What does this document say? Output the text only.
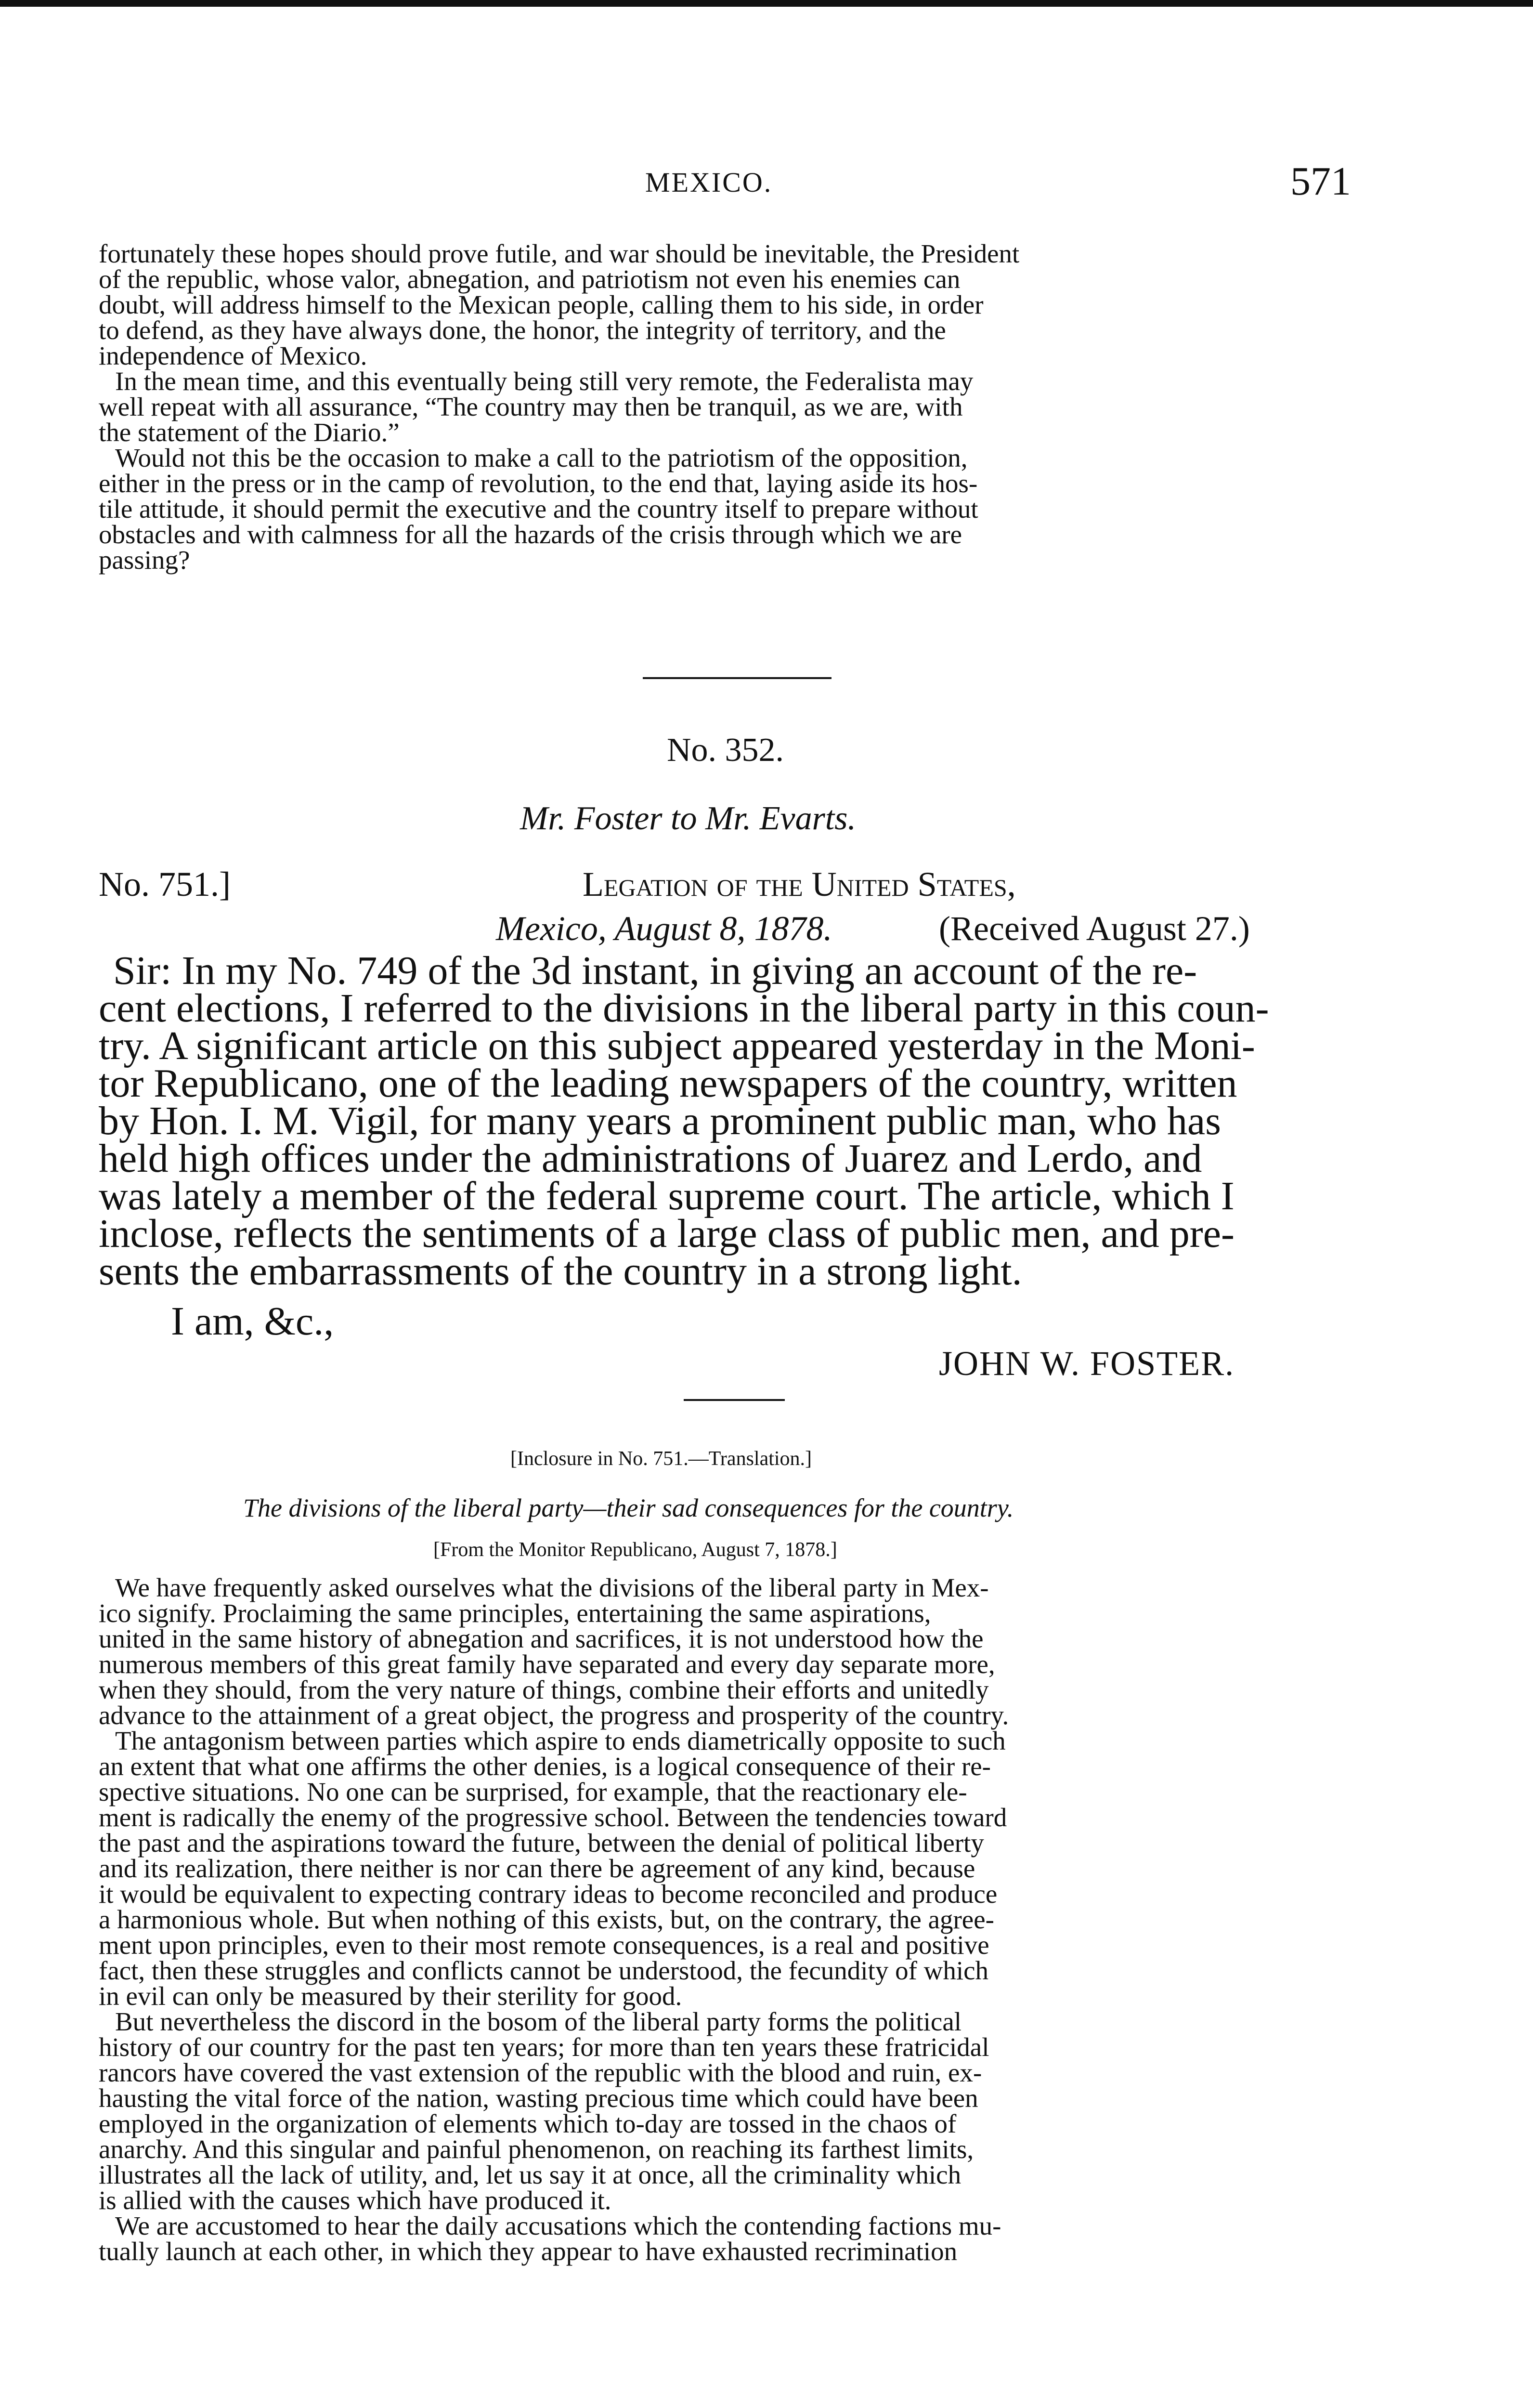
MEXICO.	571
fortunately these hopes should prove futile, and war should be inevitable, the President
of the republic, whose valor, abnegation, and patriotism not even his enemies can
doubt, will address himself to the Mexican people, calling them to his side, in order
to defend, as they have always done, the honor, the integrity of territory, and the
independence of Mexico.
In the mean time, and this eventually being still very remote, the Federalista may
well repeat with all assurance, “The country may then be tranquil, as we are, with
the statement of the Diario.”
Would not this be the occasion to make a call to the patriotism of the opposition,
either in the press or in the camp of revolution, to the end that, laying aside its hos-
tile attitude, it should permit the executive and the country itself to prepare without
obstacles and with calmness for all the hazards of the crisis through which we are
passing?
No. 352.
Mr. Foster to Mr. Evarts.
No. 751.]	Legation of the United States,
Mexico, August 8, 1878.	(Received August 27.)
Sir: In my No. 749 of the 3d instant, in giving an account of the re-
cent elections, I referred to the divisions in the liberal party in this coun-
try. A significant article on this subject appeared yesterday in the Moni-
tor Republicano, one of the leading newspapers of the country, written
by Hon. I. M. Vigil, for many years a prominent public man, who has
held high offices under the administrations of Juarez and Lerdo, and
was lately a member of the federal supreme court. The article, which I
inclose, reflects the sentiments of a large class of public men, and pre-
sents the embarrassments of the country in a strong light.
I am, &c.,
JOHN W. FOSTER.
[Inclosure in No. 751.—Translation.]
The divisions of the liberal party—their sad consequences for the country.
[From the Monitor Republicano, August 7, 1878.]
We have frequently asked ourselves what the divisions of the liberal party in Mex-
ico signify. Proclaiming the same principles, entertaining the same aspirations,
united in the same history of abnegation and sacrifices, it is not understood how the
numerous members of this great family have separated and every day separate more,
when they should, from the very nature of things, combine their efforts and unitedly
advance to the attainment of a great object, the progress and prosperity of the country.
The antagonism between parties which aspire to ends diametrically opposite to such
an extent that what one affirms the other denies, is a logical consequence of their re-
spective situations. No one can be surprised, for example, that the reactionary ele-
ment is radically the enemy of the progressive school. Between the tendencies toward
the past and the aspirations toward the future, between the denial of political liberty
and its realization, there neither is nor can there be agreement of any kind, because
it would be equivalent to expecting contrary ideas to become reconciled and produce
a harmonious whole. But when nothing of this exists, but, on the contrary, the agree-
ment upon principles, even to their most remote consequences, is a real and positive
fact, then these struggles and conflicts cannot be understood, the fecundity of which
in evil can only be measured by their sterility for good.
But nevertheless the discord in the bosom of the liberal party forms the political
history of our country for the past ten years; for more than ten years these fratricidal
rancors have covered the vast extension of the republic with the blood and ruin, ex-
hausting the vital force of the nation, wasting precious time which could have been
employed in the organization of elements which to-day are tossed in the chaos of
anarchy. And this singular and painful phenomenon, on reaching its farthest limits,
illustrates all the lack of utility, and, let us say it at once, all the criminality which
is allied with the causes which have produced it.
We are accustomed to hear the daily accusations which the contending factions mu-
tually launch at each other, in which they appear to have exhausted recrimination
